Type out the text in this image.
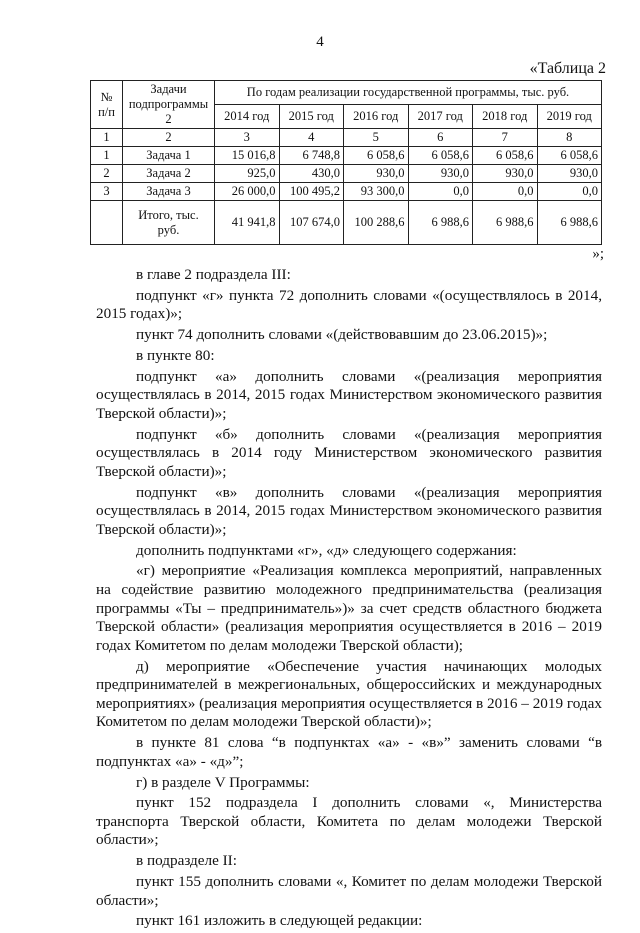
4
«Таблица 2
№ п/п	Задачи подпрограммы 2	По годам реализации государственной программы, тыс. руб.					
		2014 год	2015 год	2016 год	2017 год	2018 год	2019 год
1	2	3	4	5	6	7	8
1	Задача 1	15 016,8	6 748,8	6 058,6	6 058,6	6 058,6	6 058,6
2	Задача 2	925,0	430,0	930,0	930,0	930,0	930,0
3	Задача 3	26 000,0	100 495,2	93 300,0	0,0	0,0	0,0
	Итого, тыс. руб.	41 941,8	107 674,0	100 288,6	6 988,6	6 988,6	6 988,6
»;

в главе 2 подраздела III:

подпункт «г» пункта 72 дополнить словами «(осуществлялось в 2014, 2015 годах)»;

пункт 74 дополнить словами «(действовавшим до 23.06.2015)»;

в пункте 80:

подпункт «а» дополнить словами «(реализация мероприятия осуществлялась в 2014, 2015 годах Министерством экономического развития Тверской области)»;

подпункт «б» дополнить словами «(реализация мероприятия осуществлялась в 2014 году Министерством экономического развития Тверской области)»;

подпункт «в» дополнить словами «(реализация мероприятия осуществлялась в 2014, 2015 годах Министерством экономического развития Тверской области)»;

дополнить подпунктами «г», «д» следующего содержания:

«г) мероприятие «Реализация комплекса мероприятий, направленных на содействие развитию молодежного предпринимательства (реализация программы «Ты – предприниматель»)» за счет средств областного бюджета Тверской области» (реализация мероприятия осуществляется в 2016 – 2019 годах Комитетом по делам молодежи Тверской области);

д) мероприятие «Обеспечение участия начинающих молодых предпринимателей в межрегиональных, общероссийских и международных мероприятиях» (реализация мероприятия осуществляется в 2016 – 2019 годах Комитетом по делам молодежи Тверской области)»;

в пункте 81 слова “в подпунктах «а» - «в»” заменить словами “в подпунктах «а» - «д»”;

г) в разделе V Программы:

пункт 152 подраздела I дополнить словами «, Министерства транспорта Тверской области, Комитета по делам молодежи Тверской области»;

в подразделе II:

пункт 155 дополнить словами «, Комитет по делам молодежи Тверской области»;

пункт 161 изложить в следующей редакции:
